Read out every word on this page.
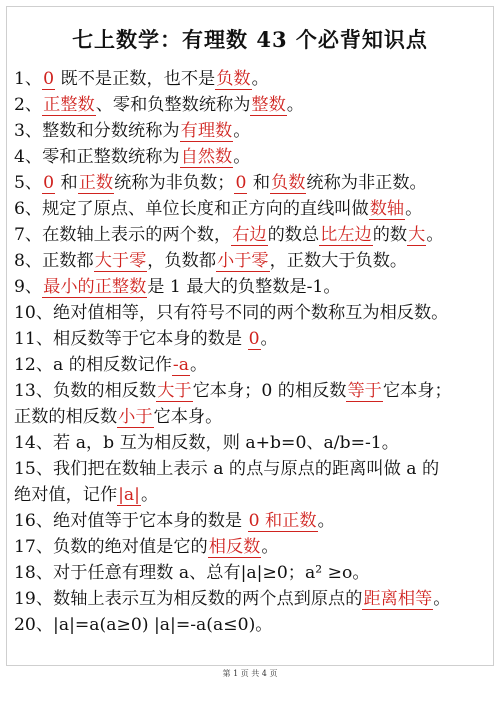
七上数学：有理数 43 个必背知识点
1、0 既不是正数，也不是负数。
2、正整数、零和负整数统称为整数。
3、整数和分数统称为有理数。
4、零和正整数统称为自然数。
5、0 和正数统称为非负数；0 和负数统称为非正数。
6、规定了原点、单位长度和正方向的直线叫做数轴。
7、在数轴上表示的两个数，右边的数总比左边的数大。
8、正数都大于零，负数都小于零，正数大于负数。
9、最小的正整数是 1 最大的负整数是-1。
10、绝对值相等，只有符号不同的两个数称互为相反数。
11、相反数等于它本身的数是 0。
12、a 的相反数记作-a。
13、负数的相反数大于它本身；0 的相反数等于它本身；
正数的相反数小于它本身。
14、若 a，b 互为相反数，则 a+b=0、a/b=-1。
15、我们把在数轴上表示 a 的点与原点的距离叫做 a 的
绝对值，记作|a|。
16、绝对值等于它本身的数是 0 和正数。
17、负数的绝对值是它的相反数。
18、对于任意有理数 a、总有|a|≥0；a² ≥o。
19、数轴上表示互为相反数的两个点到原点的距离相等。
20、|a|=a(a≥0) |a|=-a(a≤0)。
第 1 页 共 4 页
